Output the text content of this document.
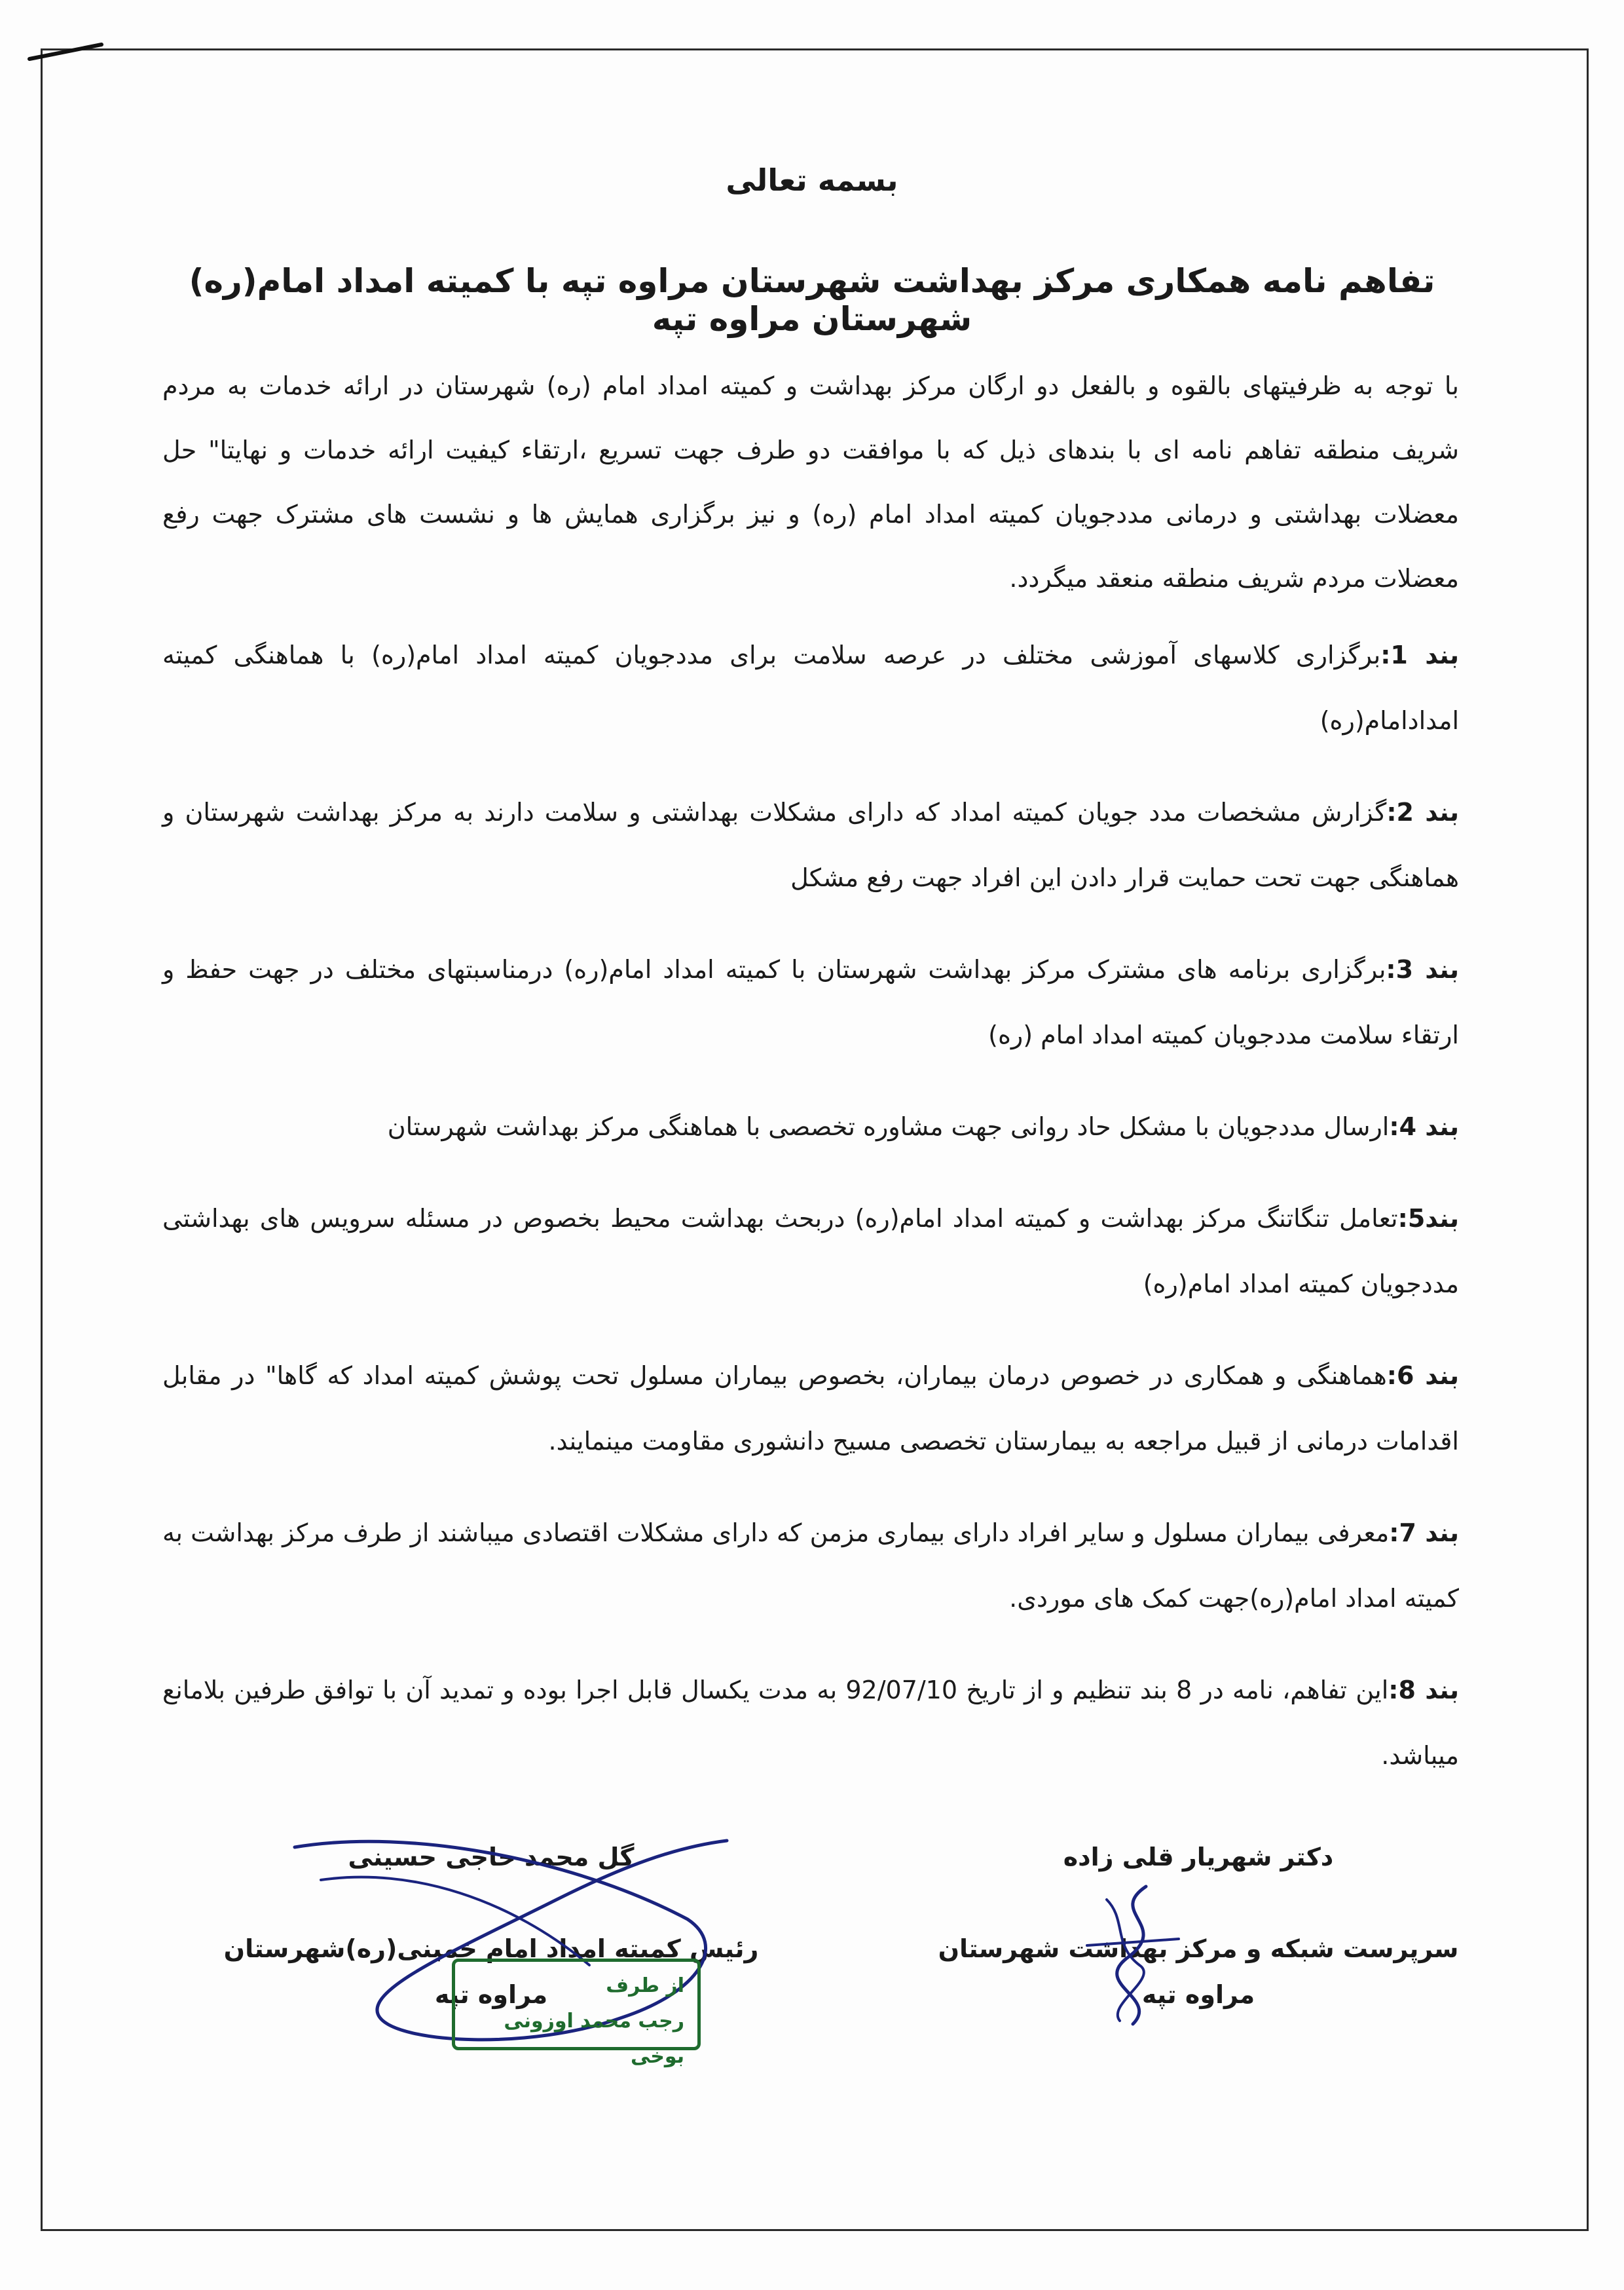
بسمه تعالی
تفاهم نامه همکاری مرکز بهداشت شهرستان مراوه تپه با کمیته امداد امام(ره) شهرستان مراوه تپه

با توجه به ظرفیتهای بالقوه و بالفعل دو ارگان مرکز بهداشت و کمیته امداد امام (ره) شهرستان در ارائه خدمات به مردم شریف منطقه تفاهم نامه ای با بندهای ذیل که با موافقت دو طرف جهت تسریع ،ارتقاء کیفیت ارائه خدمات و نهایتا" حل معضلات بهداشتی و درمانی مددجویان کمیته امداد امام (ره) و نیز برگزاری همایش ها و نشست های مشترک جهت رفع معضلات مردم شریف منطقه منعقد میگردد.

بند 1:برگزاری کلاسهای آموزشی مختلف در عرصه سلامت برای مددجویان کمیته امداد امام(ره) با هماهنگی کمیته امدادامام(ره)

بند 2:گزارش مشخصات مدد جویان کمیته امداد که دارای مشکلات بهداشتی و سلامت دارند به مرکز بهداشت شهرستان و هماهنگی جهت تحت حمایت قرار دادن این افراد جهت رفع مشکل

بند 3:برگزاری برنامه های مشترک مرکز بهداشت شهرستان با کمیته امداد امام(ره) درمناسبتهای مختلف در جهت حفظ و ارتقاء سلامت مددجویان کمیته امداد امام (ره)

بند 4:ارسال مددجویان با مشکل حاد روانی جهت مشاوره تخصصی با هماهنگی مرکز بهداشت شهرستان

بند5:تعامل تنگاتنگ مرکز بهداشت و کمیته امداد امام(ره) دربحث بهداشت محیط بخصوص در مسئله سرویس های بهداشتی مددجویان کمیته امداد امام(ره)

بند 6:هماهنگی و همکاری در خصوص درمان بیماران، بخصوص بیماران مسلول تحت پوشش کمیته امداد که گاها" در مقابل اقدامات درمانی از قبیل مراجعه به بیمارستان تخصصی مسیح دانشوری مقاومت مینمایند.

بند 7:معرفی بیماران مسلول و سایر افراد دارای بیماری مزمن که دارای مشکلات اقتصادی میباشند از طرف مرکز بهداشت به کمیته امداد امام(ره)جهت کمک های موردی.

بند 8:این تفاهم، نامه در 8 بند تنظیم و از تاریخ 92/07/10 به مدت یکسال قابل اجرا بوده و تمدید آن با توافق طرفین بلامانع میباشد.

دکتر شهریار قلی زاده
سرپرست شبکه و مرکز بهداشت شهرستان مراوه تپه
گل محمد حاجی حسینی
رئیس کمیته امداد امام خمینی(ره)شهرستان مراوه تپه	از طرف
رجب محمد اوزونی بوخی
